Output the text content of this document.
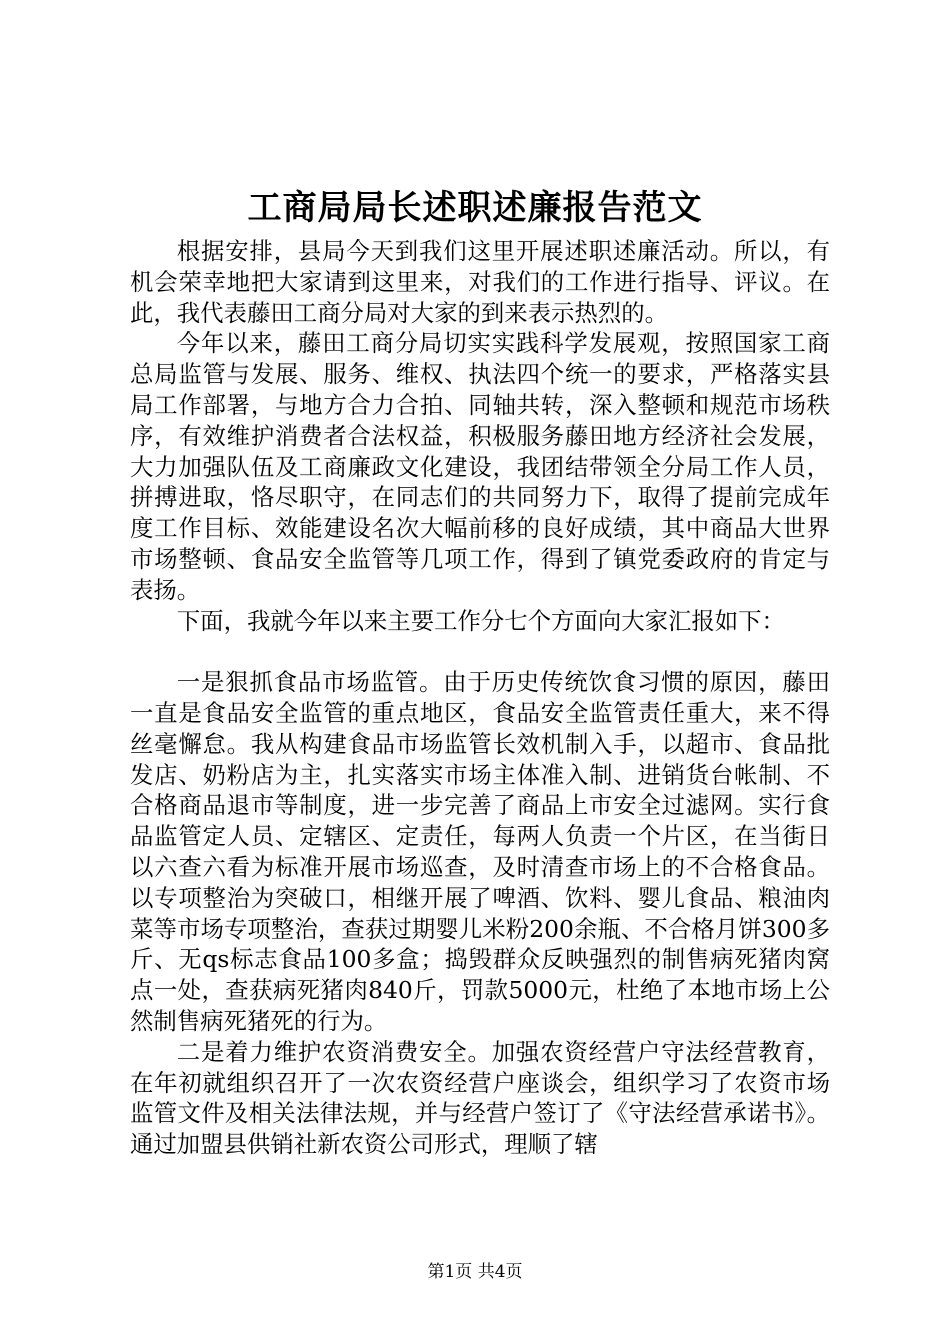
工商局局长述职述廉报告范文

根据安排，县局今天到我们这里开展述职述廉活动。所以，有机会荣幸地把大家请到这里来，对我们的工作进行指导、评议。在此，我代表藤田工商分局对大家的到来表示热烈的。

今年以来，藤田工商分局切实实践科学发展观，按照国家工商总局监管与发展、服务、维权、执法四个统一的要求，严格落实县局工作部署，与地方合力合拍、同轴共转，深入整顿和规范市场秩序，有效维护消费者合法权益，积极服务藤田地方经济社会发展，大力加强队伍及工商廉政文化建设，我团结带领全分局工作人员，拼搏进取，恪尽职守，在同志们的共同努力下，取得了提前完成年度工作目标、效能建设名次大幅前移的良好成绩，其中商品大世界市场整顿、食品安全监管等几项工作，得到了镇党委政府的肯定与表扬。

下面，我就今年以来主要工作分七个方面向大家汇报如下：

一是狠抓食品市场监管。由于历史传统饮食习惯的原因，藤田一直是食品安全监管的重点地区，食品安全监管责任重大，来不得丝毫懈怠。我从构建食品市场监管长效机制入手，以超市、食品批发店、奶粉店为主，扎实落实市场主体准入制、进销货台帐制、不合格商品退市等制度，进一步完善了商品上市安全过滤网。实行食品监管定人员、定辖区、定责任，每两人负责一个片区，在当街日以六查六看为标准开展市场巡查，及时清查市场上的不合格食品。以专项整治为突破口，相继开展了啤酒、饮料、婴儿食品、粮油肉菜等市场专项整治，查获过期婴儿米粉200余瓶、不合格月饼300多斤、无qs标志食品100多盒；捣毁群众反映强烈的制售病死猪肉窝点一处，查获病死猪肉840斤，罚款5000元，杜绝了本地市场上公然制售病死猪死的行为。

二是着力维护农资消费安全。加强农资经营户守法经营教育，在年初就组织召开了一次农资经营户座谈会，组织学习了农资市场监管文件及相关法律法规，并与经营户签订了《守法经营承诺书》。通过加盟县供销社新农资公司形式，理顺了辖

第1页 共4页
